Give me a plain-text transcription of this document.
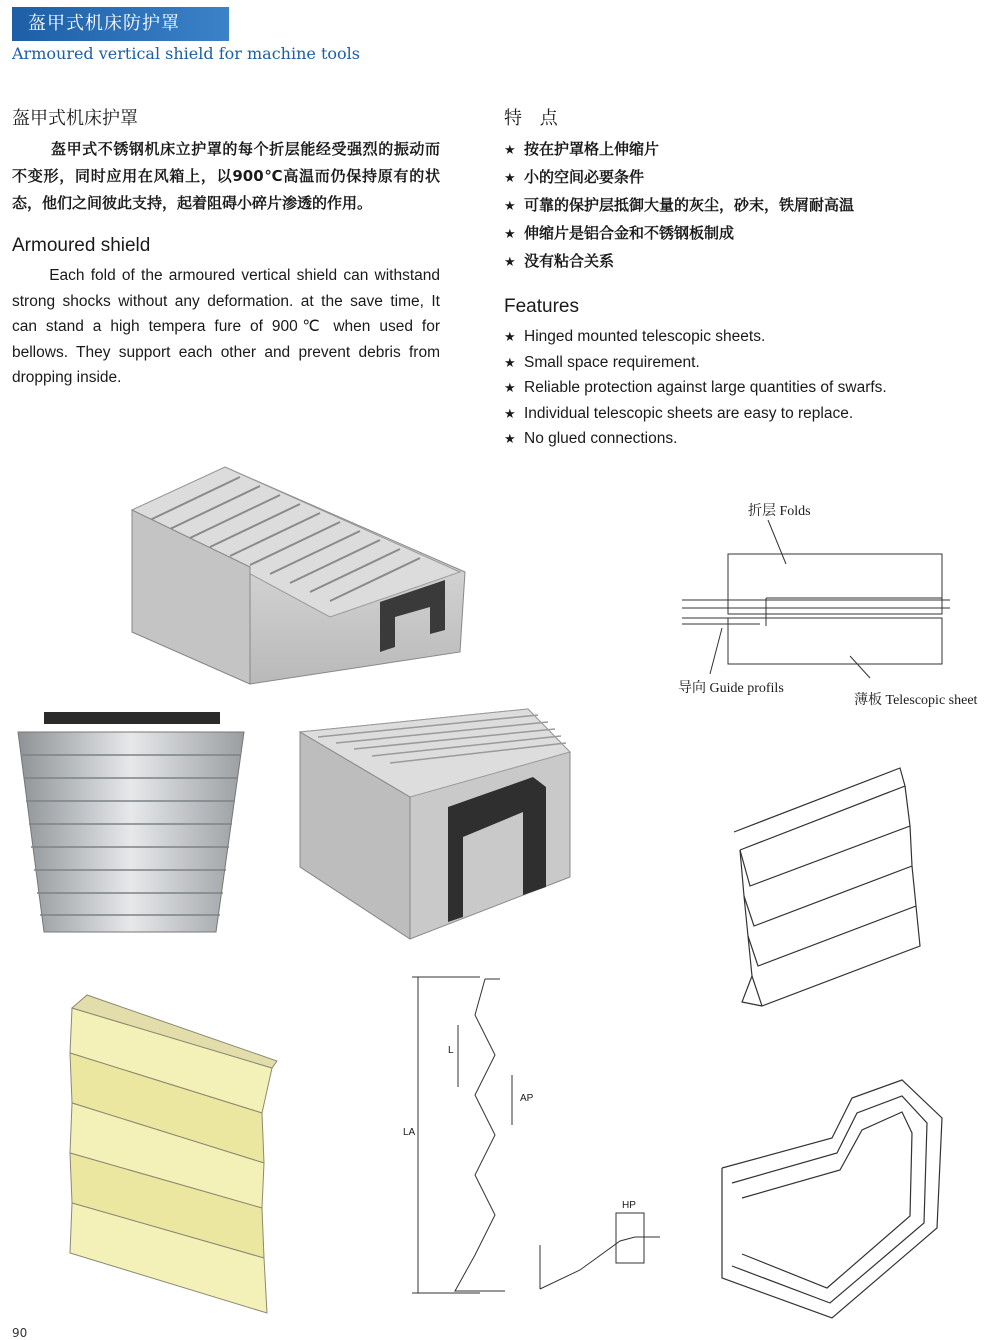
盔甲式机床防护罩
Armoured vertical shield for machine tools
盔甲式机床护罩

盔甲式不锈钢机床立护罩的每个折层能经受强烈的振动而不变形，同时应用在风箱上，以900℃高温而仍保持原有的状态，他们之间彼此支持，起着阻碍小碎片渗透的作用。

Armoured shield

Each fold of the armoured vertical shield can withstand strong shocks without any deformation. at the save time, It can stand a high tempera fure of 900℃ when used for bellows. They support each other and prevent debris from dropping inside.

特 点
★ 按在护罩格上伸缩片
★ 小的空间必要条件
★ 可靠的保护层抵御大量的灰尘，砂末，铁屑耐高温
★ 伸缩片是铝合金和不锈钢板制成
★ 没有粘合关系
Features
★ Hinged mounted telescopic sheets.
★ Small space requirement.
★ Reliable protection against large quantities of swarfs.
★ Individual telescopic sheets are easy to replace.
★ No glued connections.
折层 Folds
导向 Guide profils
薄板 Telescopic sheet
L
AP
LA
HP
90
